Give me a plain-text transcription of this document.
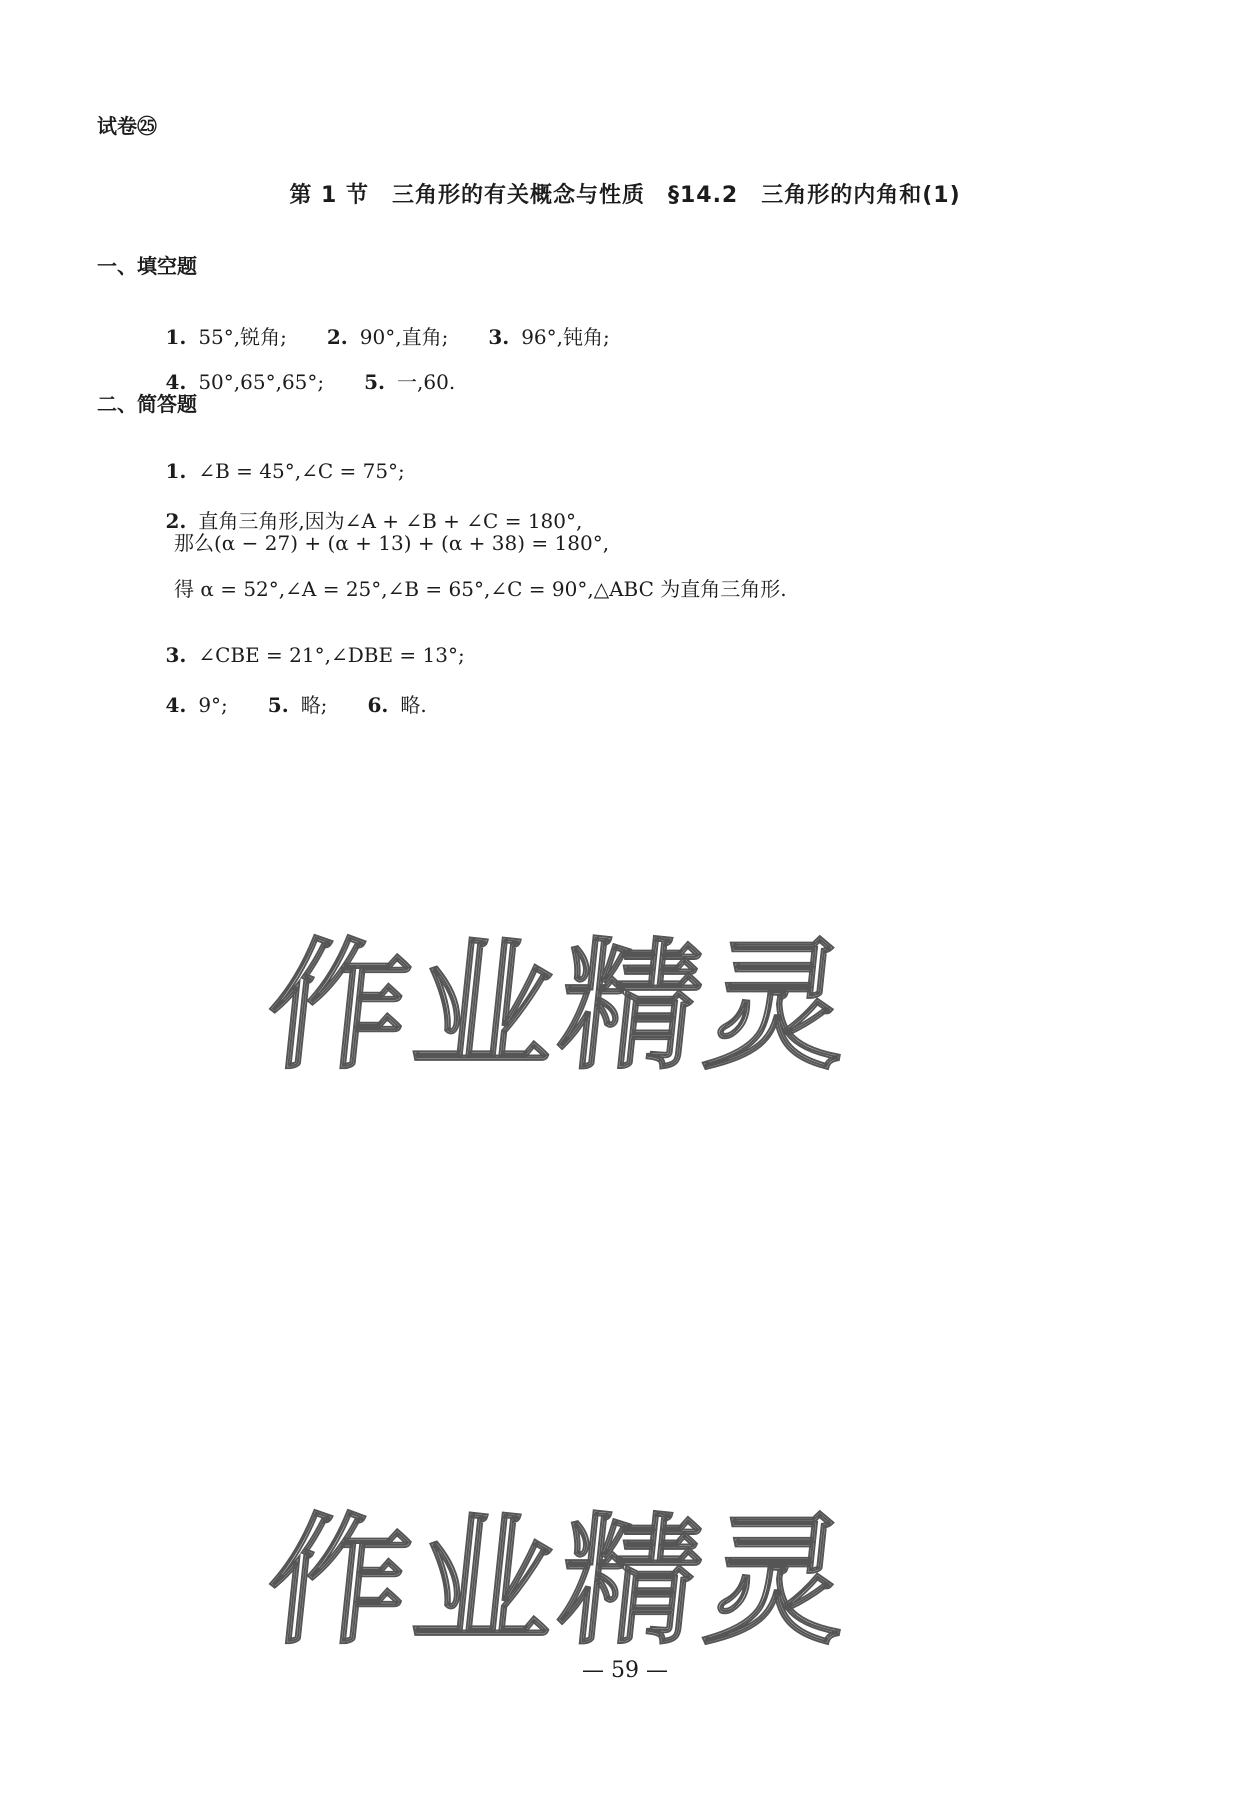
试卷㉕
第 1 节　三角形的有关概念与性质　§14.2　三角形的内角和(1)
一、填空题

1. 55°,锐角; 2. 90°,直角; 3. 96°,钝角;

4. 50°,65°,65°; 5. 一,60.

二、简答题

1. ∠B = 45°,∠C = 75°;

2. 直角三角形,因为∠A + ∠B + ∠C = 180°,

那么(α − 27) + (α + 13) + (α + 38) = 180°,
得 α = 52°,∠A = 25°,∠B = 65°,∠C = 90°,△ABC 为直角三角形.

3. ∠CBE = 21°,∠DBE = 13°;

4. 9°; 5. 略; 6. 略.

作业精灵
作业精灵
— 59 —
